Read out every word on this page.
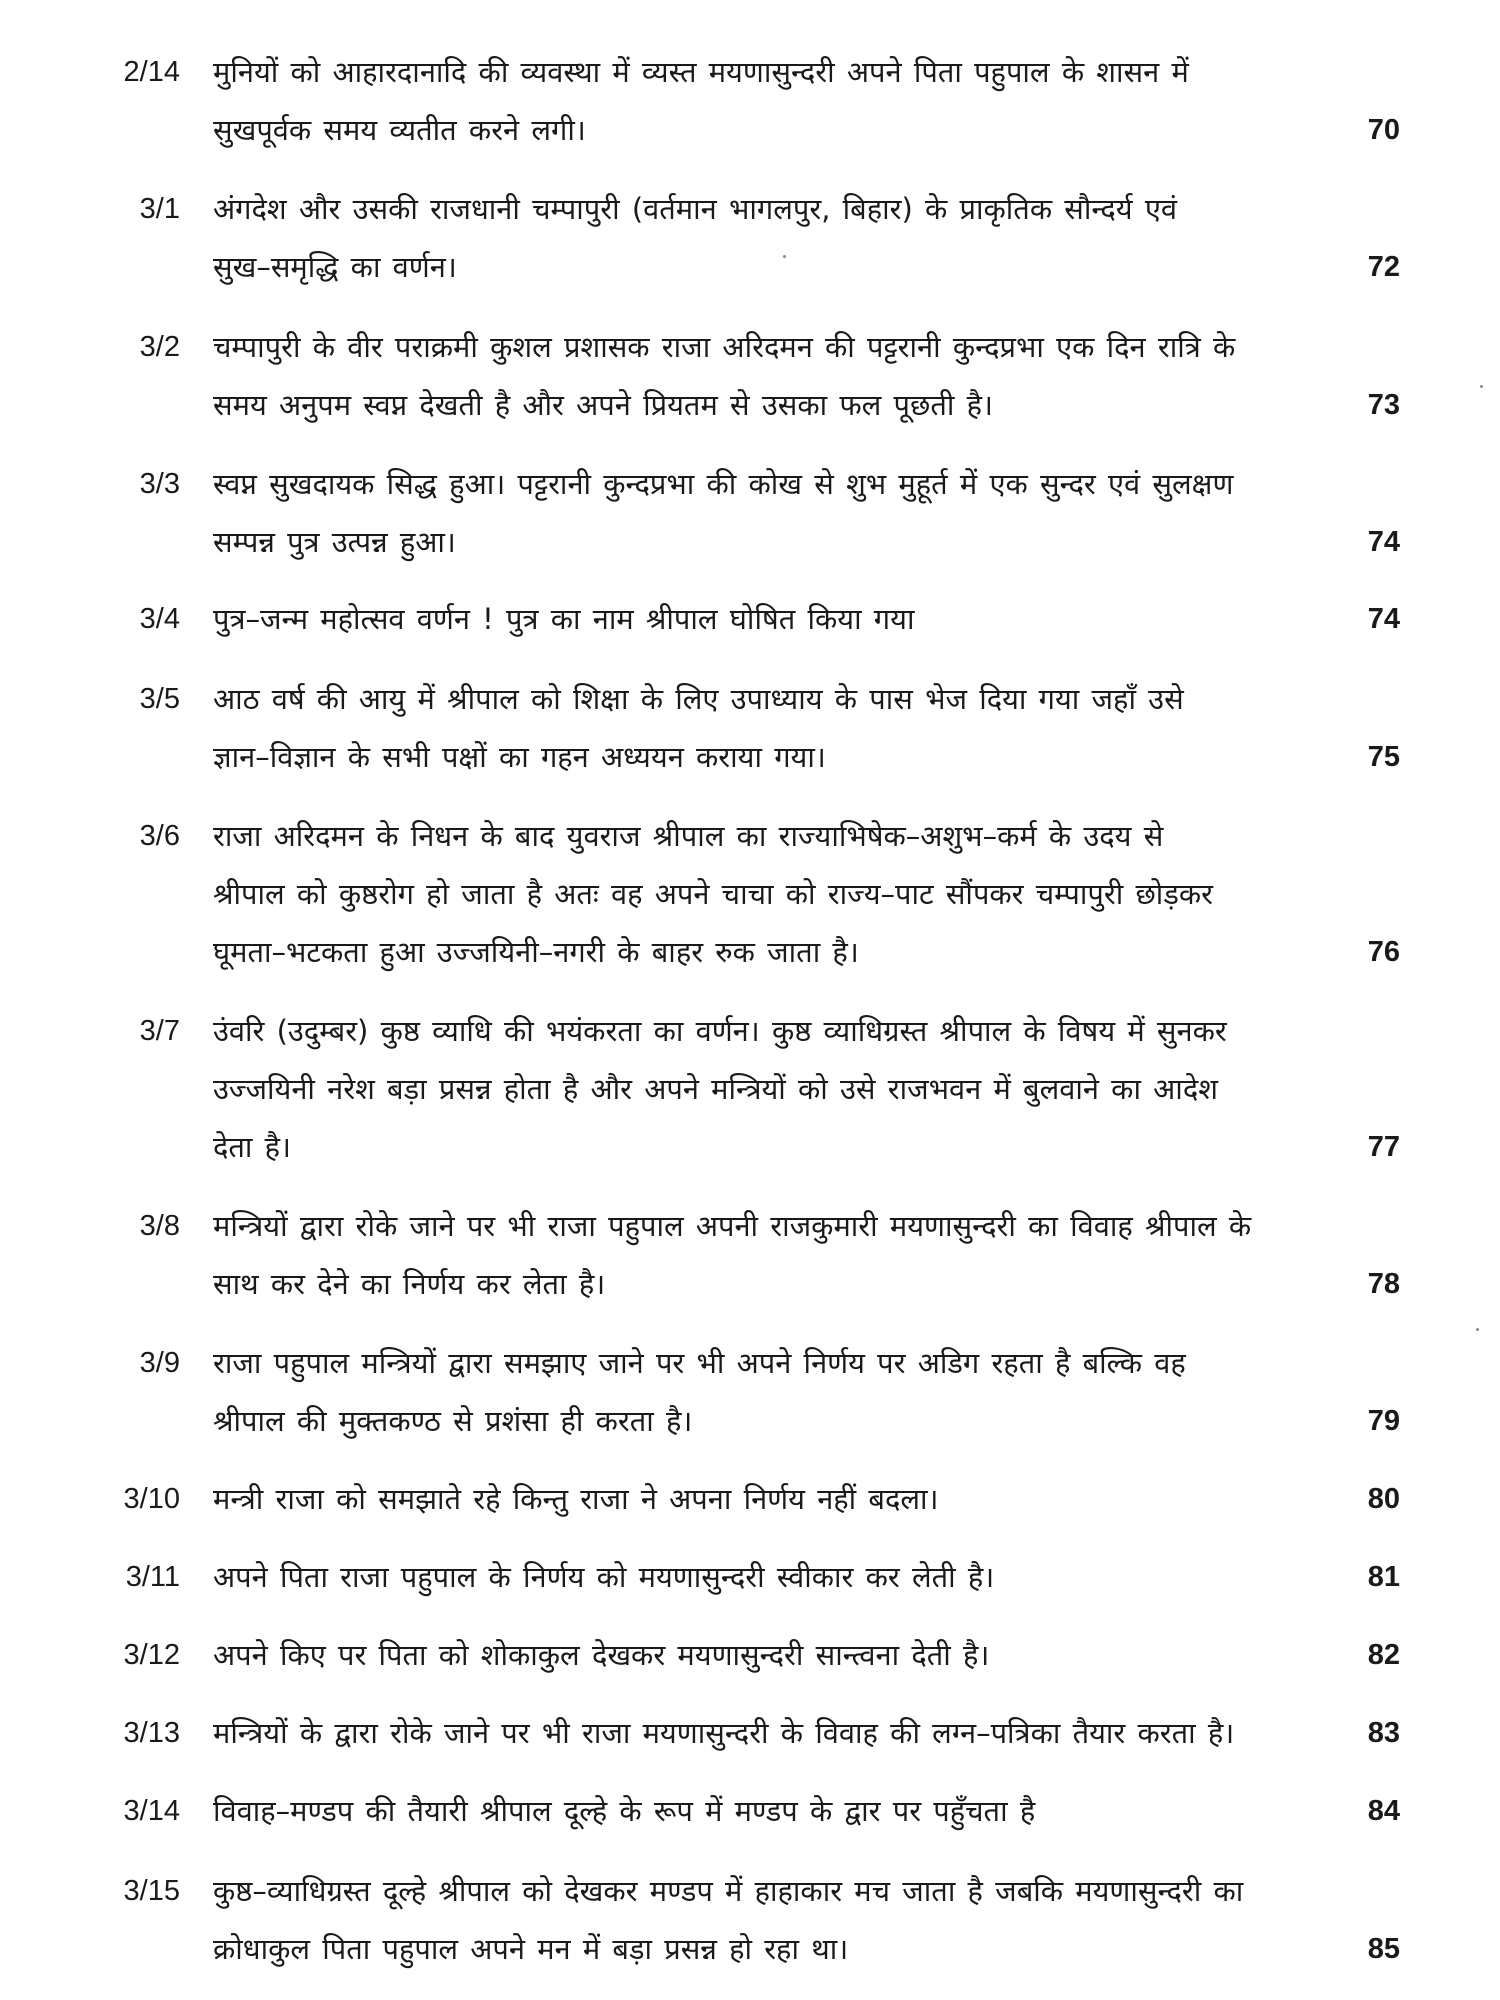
2/14 मुनियों को आहारदानादि की व्यवस्था में व्यस्त मयणासुन्दरी अपने पिता पहुपाल के शासन में
सुखपूर्वक समय व्यतीत करने लगी।	70
3/1 अंगदेश और उसकी राजधानी चम्पापुरी (वर्तमान भागलपुर, बिहार) के प्राकृतिक सौन्दर्य एवं
सुख–समृद्धि का वर्णन।	72
3/2 चम्पापुरी के वीर पराक्रमी कुशल प्रशासक राजा अरिदमन की पट्टरानी कुन्दप्रभा एक दिन रात्रि के
समय अनुपम स्वप्न देखती है और अपने प्रियतम से उसका फल पूछती है।	73
3/3 स्वप्न सुखदायक सिद्ध हुआ। पट्टरानी कुन्दप्रभा की कोख से शुभ मुहूर्त में एक सुन्दर एवं सुलक्षण
सम्पन्न पुत्र उत्पन्न हुआ।	74
3/4 पुत्र–जन्म महोत्सव वर्णन ! पुत्र का नाम श्रीपाल घोषित किया गया	74
3/5 आठ वर्ष की आयु में श्रीपाल को शिक्षा के लिए उपाध्याय के पास भेज दिया गया जहाँ उसे
ज्ञान–विज्ञान के सभी पक्षों का गहन अध्ययन कराया गया।	75
3/6 राजा अरिदमन के निधन के बाद युवराज श्रीपाल का राज्याभिषेक–अशुभ–कर्म के उदय से
श्रीपाल को कुष्ठरोग हो जाता है अतः वह अपने चाचा को राज्य–पाट सौंपकर चम्पापुरी छोड़कर
घूमता–भटकता हुआ उज्जयिनी–नगरी के बाहर रुक जाता है।	76
3/7 उंवरि (उदुम्बर) कुष्ठ व्याधि की भयंकरता का वर्णन। कुष्ठ व्याधिग्रस्त श्रीपाल के विषय में सुनकर
उज्जयिनी नरेश बड़ा प्रसन्न होता है और अपने मन्त्रियों को उसे राजभवन में बुलवाने का आदेश
देता है।	77
3/8 मन्त्रियों द्वारा रोके जाने पर भी राजा पहुपाल अपनी राजकुमारी मयणासुन्दरी का विवाह श्रीपाल के
साथ कर देने का निर्णय कर लेता है।	78
3/9 राजा पहुपाल मन्त्रियों द्वारा समझाए जाने पर भी अपने निर्णय पर अडिग रहता है बल्कि वह
श्रीपाल की मुक्तकण्ठ से प्रशंसा ही करता है।	79
3/10 मन्त्री राजा को समझाते रहे किन्तु राजा ने अपना निर्णय नहीं बदला।	80
3/11 अपने पिता राजा पहुपाल के निर्णय को मयणासुन्दरी स्वीकार कर लेती है।	81
3/12 अपने किए पर पिता को शोकाकुल देखकर मयणासुन्दरी सान्त्वना देती है।	82
3/13 मन्त्रियों के द्वारा रोके जाने पर भी राजा मयणासुन्दरी के विवाह की लग्न–पत्रिका तैयार करता है।	83
3/14 विवाह–मण्डप की तैयारी श्रीपाल दूल्हे के रूप में मण्डप के द्वार पर पहुँचता है	84
3/15 कुष्ठ–व्याधिग्रस्त दूल्हे श्रीपाल को देखकर मण्डप में हाहाकार मच जाता है जबकि मयणासुन्दरी का
क्रोधाकुल पिता पहुपाल अपने मन में बड़ा प्रसन्न हो रहा था।	85
